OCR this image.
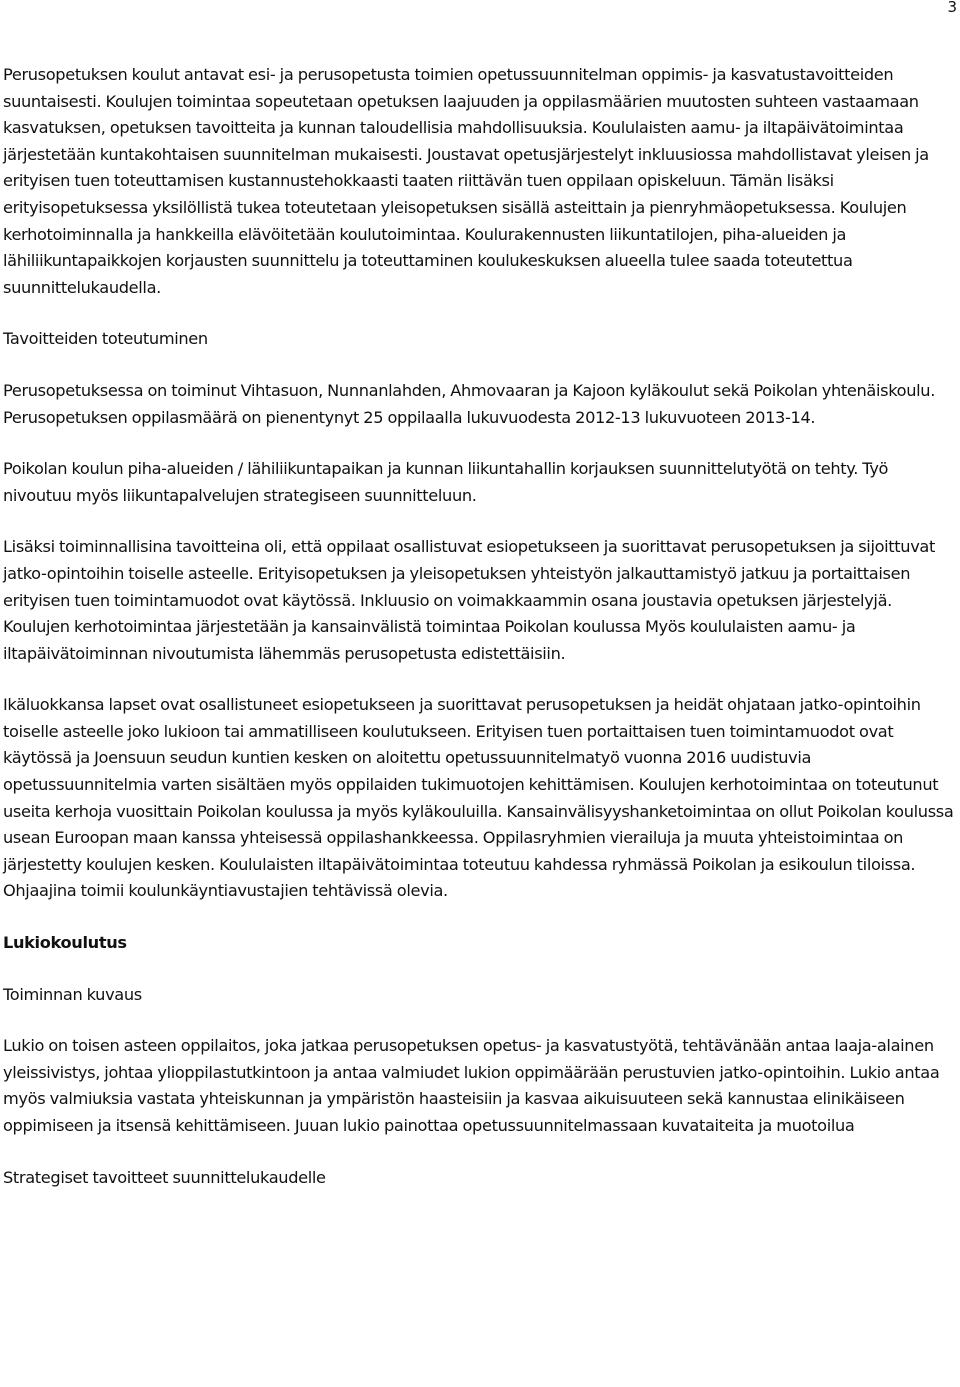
3

Perusopetuksen koulut antavat esi- ja perusopetusta toimien opetussuunnitelman oppimis- ja kasvatustavoitteiden suuntaisesti. Koulujen toimintaa sopeutetaan opetuksen laajuuden ja oppilasmäärien muutosten suhteen vastaamaan kasvatuksen, opetuksen tavoitteita ja kunnan taloudellisia mahdollisuuksia. Koululaisten aamu- ja iltapäivätoimintaa järjestetään kuntakohtaisen suunnitelman mukaisesti. Joustavat opetusjärjestelyt inkluusiossa mahdollistavat yleisen ja erityisen tuen toteuttamisen kustannustehokkaasti taaten riittävän tuen oppilaan opiskeluun. Tämän lisäksi erityisopetuksessa yksilöllistä tukea toteutetaan yleisopetuksen sisällä asteittain ja pienryhmäopetuksessa. Koulujen kerhotoiminnalla ja hankkeilla elävöitetään koulutoimintaa. Koulurakennusten liikuntatilojen, piha-alueiden ja lähiliikuntapaikkojen korjausten suunnittelu ja toteuttaminen koulukeskuksen alueella tulee saada toteutettua suunnittelukaudella.

Tavoitteiden toteutuminen

Perusopetuksessa on toiminut Vihtasuon, Nunnanlahden, Ahmovaaran ja Kajoon kyläkoulut sekä Poikolan yhtenäiskoulu. Perusopetuksen oppilasmäärä on pienentynyt 25 oppilaalla lukuvuodesta 2012-13 lukuvuoteen 2013-14.

Poikolan koulun piha-alueiden / lähiliikuntapaikan ja kunnan liikuntahallin korjauksen suunnittelutyötä on tehty. Työ nivoutuu myös liikuntapalvelujen strategiseen suunnitteluun.

Lisäksi toiminnallisina tavoitteina oli, että oppilaat osallistuvat esiopetukseen ja suorittavat perusopetuksen ja sijoittuvat jatko-opintoihin toiselle asteelle. Erityisopetuksen ja yleisopetuksen yhteistyön jalkauttamistyö jatkuu ja portaittaisen erityisen tuen toimintamuodot ovat käytössä. Inkluusio on voimakkaammin osana joustavia opetuksen järjestelyjä. Koulujen kerhotoimintaa järjestetään ja kansainvälistä toimintaa Poikolan koulussa Myös koululaisten aamu- ja iltapäivätoiminnan nivoutumista lähemmäs perusopetusta edistettäisiin.

Ikäluokkansa lapset ovat osallistuneet esiopetukseen ja suorittavat perusopetuksen ja heidät ohjataan jatko-opintoihin toiselle asteelle joko lukioon tai ammatilliseen koulutukseen. Erityisen tuen portaittaisen tuen toimintamuodot ovat käytössä ja Joensuun seudun kuntien kesken on aloitettu opetussuunnitelmatyö vuonna 2016 uudistuvia opetussuunnitelmia varten sisältäen myös oppilaiden tukimuotojen kehittämisen. Koulujen kerhotoimintaa on toteutunut useita kerhoja vuosittain Poikolan koulussa ja myös kyläkouluilla. Kansainvälisyyshanketoimintaa on ollut Poikolan koulussa usean Euroopan maan kanssa yhteisessä oppilashankkeessa. Oppilasryhmien vierailuja ja muuta yhteistoimintaa on järjestetty koulujen kesken. Koululaisten iltapäivätoimintaa toteutuu kahdessa ryhmässä Poikolan ja esikoulun tiloissa. Ohjaajina toimii koulunkäyntiavustajien tehtävissä olevia.

Lukiokoulutus

Toiminnan kuvaus

Lukio on toisen asteen oppilaitos, joka jatkaa perusopetuksen opetus- ja kasvatustyötä, tehtävänään antaa laaja-alainen yleissivistys, johtaa ylioppilastutkintoon ja antaa valmiudet lukion oppimäärään perustuvien jatko-opintoihin. Lukio antaa myös valmiuksia vastata yhteiskunnan ja ympäristön haasteisiin ja kasvaa aikuisuuteen sekä kannustaa elinikäiseen oppimiseen ja itsensä kehittämiseen. Juuan lukio painottaa opetussuunnitelmassaan kuvataiteita ja muotoilua

Strategiset tavoitteet suunnittelukaudelle
